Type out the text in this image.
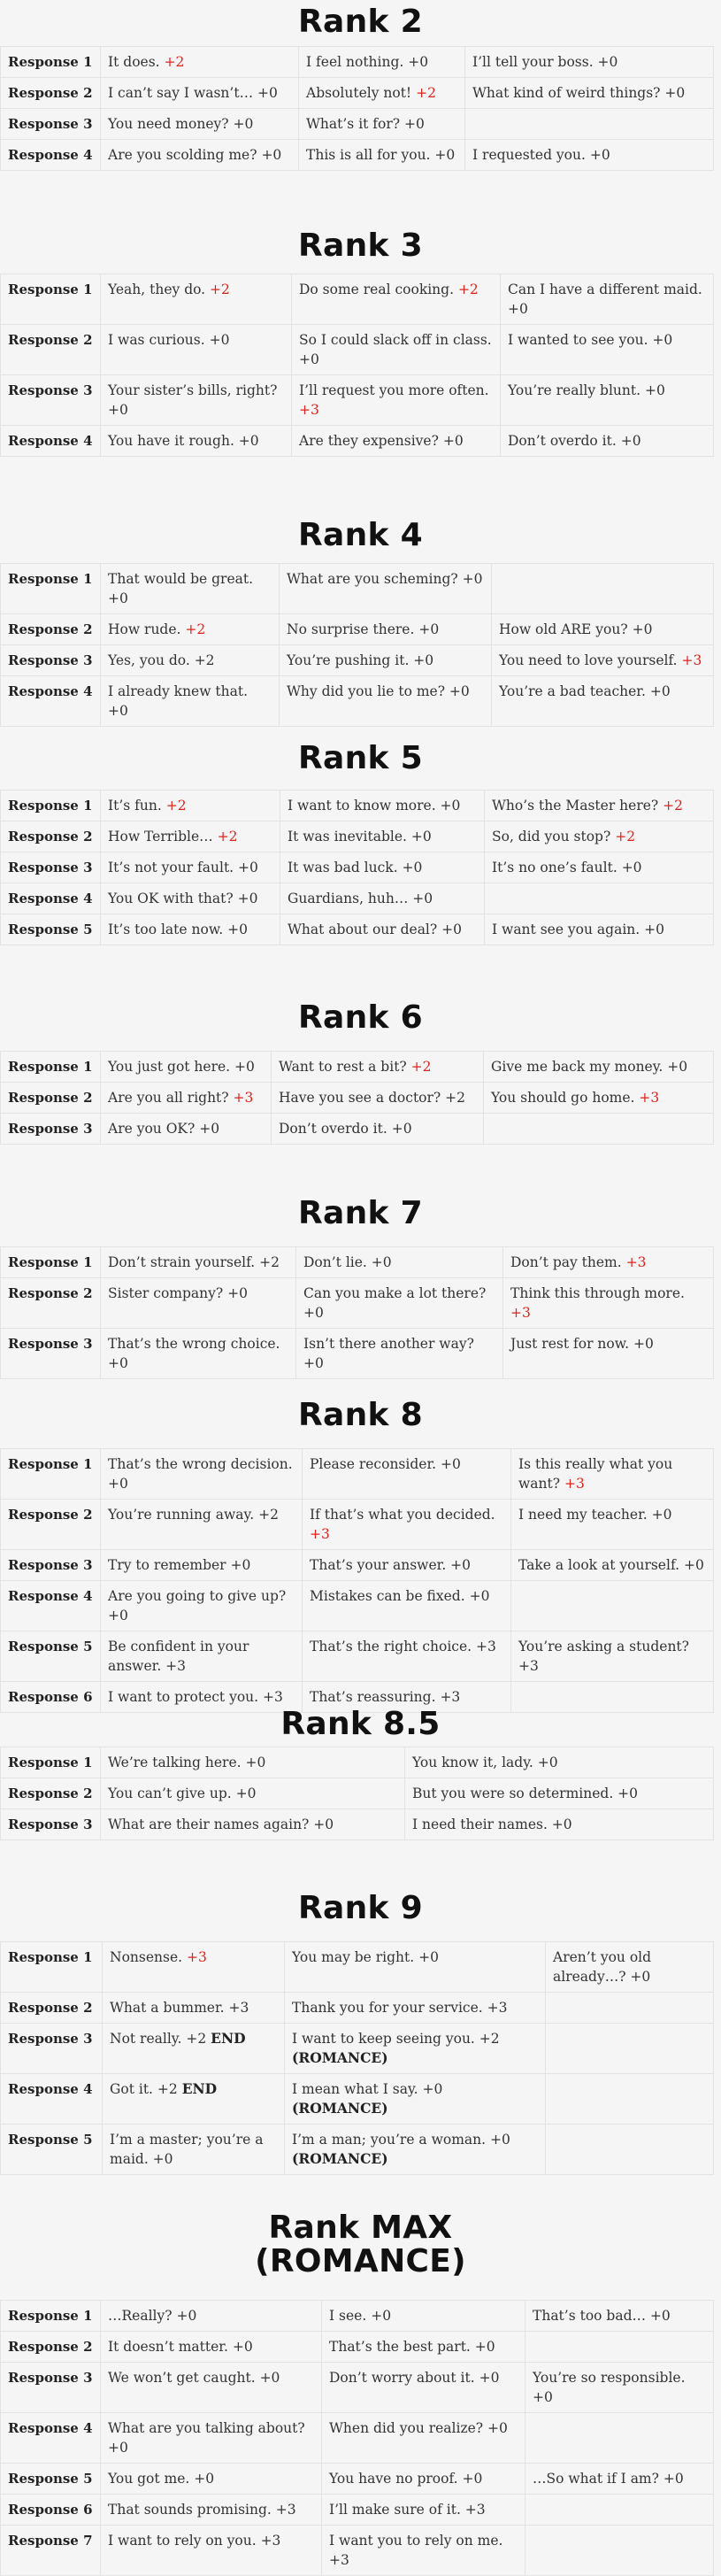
Rank 2
Response 1	It does. +2	I feel nothing. +0	I’ll tell your boss. +0
Response 2	I can’t say I wasn’t… +0	Absolutely not! +2	What kind of weird things? +0
Response 3	You need money? +0	What’s it for? +0	
Response 4	Are you scolding me? +0	This is all for you. +0	I requested you. +0
Rank 3
Response 1	Yeah, they do. +2	Do some real cooking. +2	Can I have a different maid. +0
Response 2	I was curious. +0	So I could slack off in class. +0	I wanted to see you. +0
Response 3	Your sister’s bills, right? +0	I’ll request you more often. +3	You’re really blunt. +0
Response 4	You have it rough. +0	Are they expensive? +0	Don’t overdo it. +0
Rank 4
Response 1	That would be great. +0	What are you scheming? +0	
Response 2	How rude. +2	No surprise there. +0	How old ARE you? +0
Response 3	Yes, you do. +2	You’re pushing it. +0	You need to love yourself. +3
Response 4	I already knew that. +0	Why did you lie to me? +0	You’re a bad teacher. +0
Rank 5
Response 1	It’s fun. +2	I want to know more. +0	Who’s the Master here? +2
Response 2	How Terrible… +2	It was inevitable. +0	So, did you stop? +2
Response 3	It’s not your fault. +0	It was bad luck. +0	It’s no one’s fault. +0
Response 4	You OK with that? +0	Guardians, huh… +0	
Response 5	It’s too late now. +0	What about our deal? +0	I want see you again. +0
Rank 6
Response 1	You just got here. +0	Want to rest a bit? +2	Give me back my money. +0
Response 2	Are you all right? +3	Have you see a doctor? +2	You should go home. +3
Response 3	Are you OK? +0	Don’t overdo it. +0	
Rank 7
Response 1	Don’t strain yourself. +2	Don’t lie. +0	Don’t pay them. +3
Response 2	Sister company? +0	Can you make a lot there? +0	Think this through more. +3
Response 3	That’s the wrong choice. +0	Isn’t there another way? +0	Just rest for now. +0
Rank 8
Response 1	That’s the wrong decision. +0	Please reconsider. +0	Is this really what you want? +3
Response 2	You’re running away. +2	If that’s what you decided. +3	I need my teacher. +0
Response 3	Try to remember +0	That’s your answer. +0	Take a look at yourself. +0
Response 4	Are you going to give up? +0	Mistakes can be fixed. +0	
Response 5	Be confident in your answer. +3	That’s the right choice. +3	You’re asking a student? +3
Response 6	I want to protect you. +3	That’s reassuring. +3	
Rank 8.5
Response 1	We’re talking here. +0	You know it, lady. +0
Response 2	You can’t give up. +0	But you were so determined. +0
Response 3	What are their names again? +0	I need their names. +0
Rank 9
Response 1	Nonsense. +3	You may be right. +0	Aren’t you old already…? +0
Response 2	What a bummer. +3	Thank you for your service. +3	
Response 3	Not really. +2 END	I want to keep seeing you. +2 (ROMANCE)	
Response 4	Got it. +2 END	I mean what I say. +0 (ROMANCE)	
Response 5	I’m a master; you’re a maid. +0	I’m a man; you’re a woman. +0 (ROMANCE)	
Rank MAX (ROMANCE)
Response 1	…Really? +0	I see. +0	That’s too bad… +0
Response 2	It doesn’t matter. +0	That’s the best part. +0	
Response 3	We won’t get caught. +0	Don’t worry about it. +0	You’re so responsible. +0
Response 4	What are you talking about? +0	When did you realize? +0	
Response 5	You got me. +0	You have no proof. +0	…So what if I am? +0
Response 6	That sounds promising. +3	I’ll make sure of it. +3	
Response 7	I want to rely on you. +3	I want you to rely on me. +3	
